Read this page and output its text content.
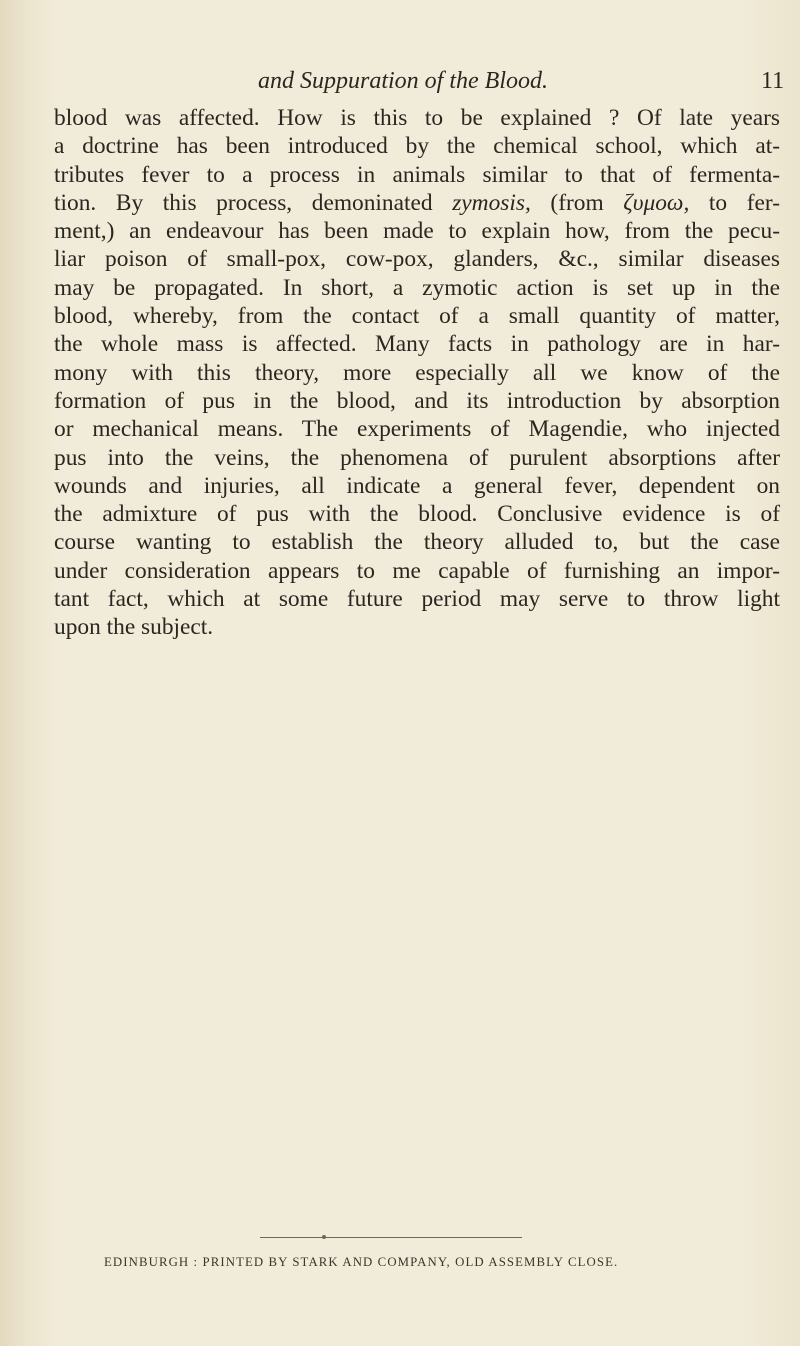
and Suppuration of the Blood.	11

blood was affected. How is this to be explained ? Of late years
a doctrine has been introduced by the chemical school, which at-
tributes fever to a process in animals similar to that of fermenta-
tion. By this process, demoninated zymosis, (from ζυμοω, to fer-
ment,) an endeavour has been made to explain how, from the pecu-
liar poison of small-pox, cow-pox, glanders, &c., similar diseases
may be propagated. In short, a zymotic action is set up in the
blood, whereby, from the contact of a small quantity of matter,
the whole mass is affected. Many facts in pathology are in har-
mony with this theory, more especially all we know of the
formation of pus in the blood, and its introduction by absorption
or mechanical means. The experiments of Magendie, who injected
pus into the veins, the phenomena of purulent absorptions after
wounds and injuries, all indicate a general fever, dependent on
the admixture of pus with the blood. Conclusive evidence is of
course wanting to establish the theory alluded to, but the case
under consideration appears to me capable of furnishing an impor-
tant fact, which at some future period may serve to throw light
upon the subject.

EDINBURGH : PRINTED BY STARK AND COMPANY, OLD ASSEMBLY CLOSE.
